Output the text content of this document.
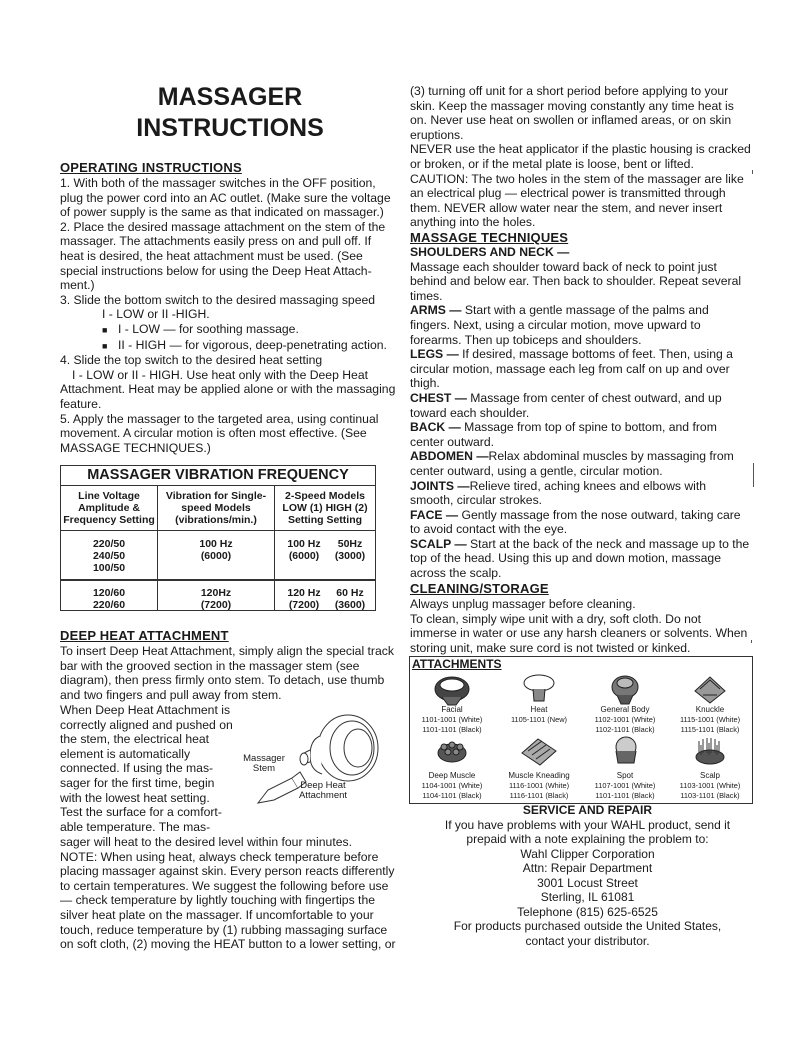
MASSAGER
INSTRUCTIONS
OPERATING INSTRUCTIONS
1. With both of the massager switches in the OFF position,
plug the power cord into an AC outlet. (Make sure the voltage
of power supply is the same as that indicated on massager.)
2. Place the desired massage attachment on the stem of the
massager. The attachments easily press on and pull off. If
heat is desired, the heat attachment must be used. (See
special instructions below for using the Deep Heat Attach-
ment.)
3. Slide the bottom switch to the desired massaging speed
I - LOW or II -HIGH.
■ I - LOW — for soothing massage.
■ II - HIGH — for vigorous, deep-penetrating action.
4. Slide the top switch to the desired heat setting
I - LOW or II - HIGH. Use heat only with the Deep Heat
Attachment. Heat may be applied alone or with the massaging
feature.
5. Apply the massager to the targeted area, using continual
movement. A circular motion is often most effective. (See
MASSAGE TECHNIQUES.)
MASSAGER VIBRATION FREQUENCY
Line Voltage
Amplitude &
Frequency Setting
Vibration for Single-
speed Models
(vibrations/min.)
2-Speed Models
LOW (1) HIGH (2)
Setting Setting
220/50
240/50
100/50
100 Hz
(6000)
100 Hz
(6000)
50Hz
(3000)
120/60
220/60
120Hz
(7200)
120 Hz
(7200)
60 Hz
(3600)
DEEP HEAT ATTACHMENT
To insert Deep Heat Attachment, simply align the special track
bar with the grooved section in the massager stem (see
diagram), then press firmly onto stem. To detach, use thumb
and two fingers and pull away from stem.
When Deep Heat Attachment is
correctly aligned and pushed on
the stem, the electrical heat
element is automatically
connected. If using the mas-
sager for the first time, begin
with the lowest heat setting.
Test the surface for a comfort-
able temperature. The mas-
sager will heat to the desired level within four minutes.
NOTE: When using heat, always check temperature before
placing massager against skin. Every person reacts differently
to certain temperatures. We suggest the following before use
— check temperature by lightly touching with fingertips the
silver heat plate on the massager. If uncomfortable to your
touch, reduce temperature by (1) rubbing massaging surface
on soft cloth, (2) moving the HEAT button to a lower setting, or
Massager
Stem
Deep Heat
Attachment
(3) turning off unit for a short period before applying to your
skin. Keep the massager moving constantly any time heat is
on. Never use heat on swollen or inflamed areas, or on skin
eruptions.
NEVER use the heat applicator if the plastic housing is cracked
or broken, or if the metal plate is loose, bent or lifted.
CAUTION: The two holes in the stem of the massager are like
an electrical plug — electrical power is transmitted through
them. NEVER allow water near the stem, and never insert
anything into the holes.
MASSAGE TECHNIQUES
SHOULDERS AND NECK —
Massage each shoulder toward back of neck to point just
behind and below ear. Then back to shoulder. Repeat several
times.
ARMS — Start with a gentle massage of the palms and
fingers. Next, using a circular motion, move upward to
forearms. Then up tobiceps and shoulders.
LEGS — If desired, massage bottoms of feet. Then, using a
circular motion, massage each leg from calf on up and over
thigh.
CHEST — Massage from center of chest outward, and up
toward each shoulder.
BACK — Massage from top of spine to bottom, and from
center outward.
ABDOMEN —Relax abdominal muscles by massaging from
center outward, using a gentle, circular motion.
JOINTS —Relieve tired, aching knees and elbows with
smooth, circular strokes.
FACE — Gently massage from the nose outward, taking care
to avoid contact with the eye.
SCALP — Start at the back of the neck and massage up to the
top of the head. Using this up and down motion, massage
across the scalp.
CLEANING/STORAGE
Always unplug massager before cleaning.
To clean, simply wipe unit with a dry, soft cloth. Do not
immerse in water or use any harsh cleaners or solvents. When
storing unit, make sure cord is not twisted or kinked.
ATTACHMENTS
Facial
1101-1001 (White)
1101-1101 (Black)
Heat
1105-1101 (New)
General Body
1102-1001 (White)
1102-1101 (Black)
Knuckle
1115-1001 (White)
1115-1101 (Black)
Deep Muscle
1104-1001 (White)
1104-1101 (Black)
Muscle Kneading
1116-1001 (White)
1116-1101 (Black)
Spot
1107-1001 (White)
1101-1101 (Black)
Scalp
1103-1001 (White)
1103-1101 (Black)
SERVICE AND REPAIR
If you have problems with your WAHL product, send it
prepaid with a note explaining the problem to:
Wahl Clipper Corporation
Attn: Repair Department
3001 Locust Street
Sterling, IL 61081
Telephone (815) 625-6525
For products purchased outside the United States,
contact your distributor.
